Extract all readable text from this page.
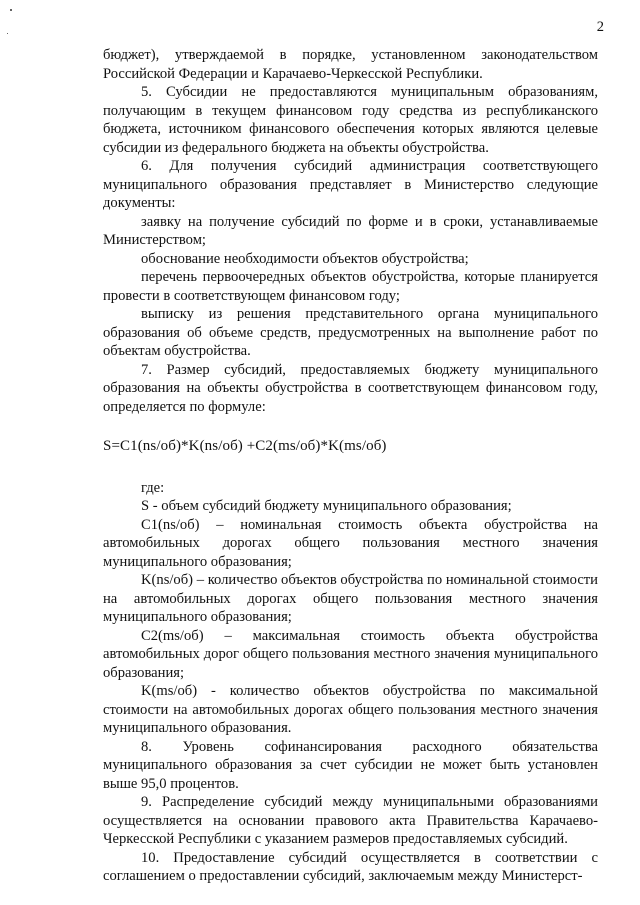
2

бюджет), утверждаемой в порядке, установленном законодательством Российской Федерации и Карачаево-Черкесской Республики.

5. Субсидии не предоставляются муниципальным образованиям, получающим в текущем финансовом году средства из республиканского бюджета, источником финансового обеспечения которых являются целевые субсидии из федерального бюджета на объекты обустройства.

6. Для получения субсидий администрация соответствующего муниципального образования представляет в Министерство следующие документы:

заявку на получение субсидий по форме и в сроки, устанавливаемые Министерством;

обоснование необходимости объектов обустройства;

перечень первоочередных объектов обустройства, которые планируется провести в соответствующем финансовом году;

выписку из решения представительного органа муниципального образования об объеме средств, предусмотренных на выполнение работ по объектам обустройства.

7. Размер субсидий, предоставляемых бюджету муниципального образования на объекты обустройства в соответствующем финансовом году, определяется по формуле:

S=C1(ns/об)*K(ns/об) +C2(ms/об)*K(ms/об)

где:

S - объем субсидий бюджету муниципального образования;

C1(ns/об) – номинальная стоимость объекта обустройства на автомобильных дорогах общего пользования местного значения муниципального образования;

K(ns/об) – количество объектов обустройства по номинальной стоимости на автомобильных дорогах общего пользования местного значения муниципального образования;

C2(ms/об) – максимальная стоимость объекта обустройства автомобильных дорог общего пользования местного значения муниципального образования;

K(ms/об) - количество объектов обустройства по максимальной стоимости на автомобильных дорогах общего пользования местного значения муниципального образования.

8. Уровень софинансирования расходного обязательства муниципального образования за счет субсидии не может быть установлен выше 95,0 процентов.

9. Распределение субсидий между муниципальными образованиями осуществляется на основании правового акта Правительства Карачаево-Черкесской Республики с указанием размеров предоставляемых субсидий.

10. Предоставление субсидий осуществляется в соответствии с соглашением о предоставлении субсидий, заключаемым между Министерст-
